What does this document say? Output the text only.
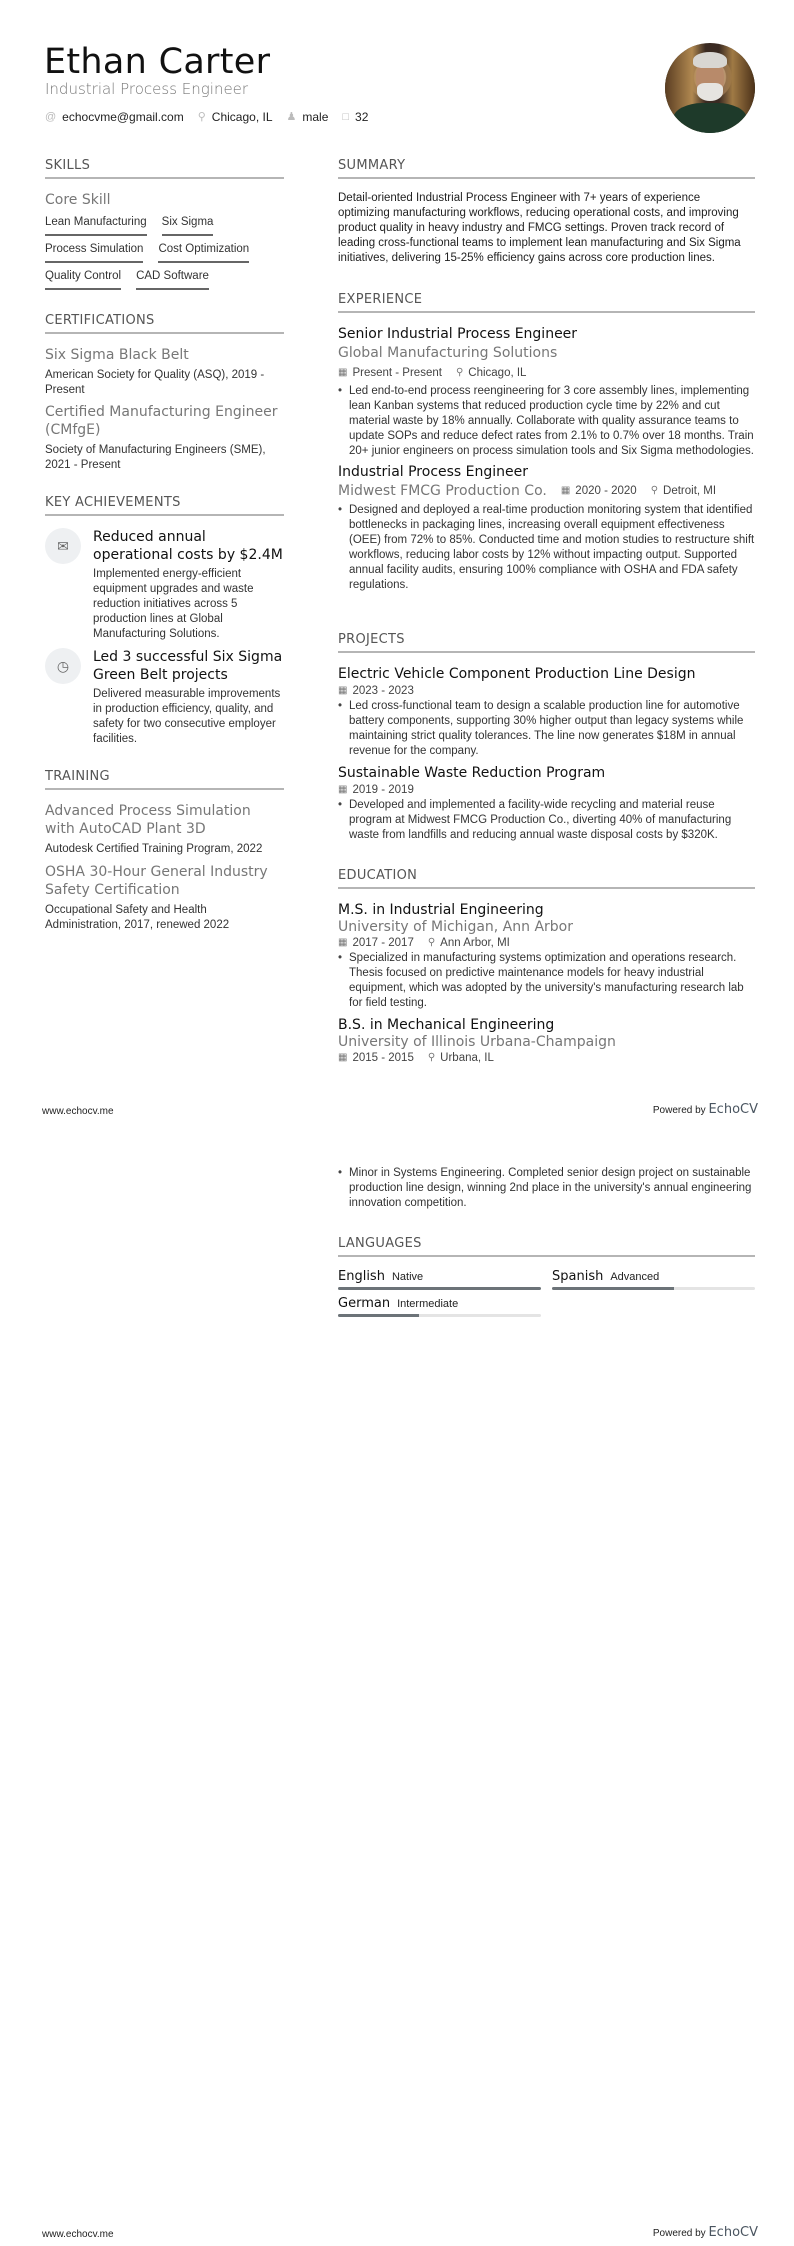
Ethan Carter
Industrial Process Engineer
@ echocvme@gmail.com ⚲ Chicago, IL ♟ male □ 32
SKILLS
Core Skill
Lean Manufacturing Six Sigma
Process Simulation Cost Optimization
Quality Control CAD Software
CERTIFICATIONS
Six Sigma Black Belt
American Society for Quality (ASQ), 2019 - Present
Certified Manufacturing Engineer (CMfgE)
Society of Manufacturing Engineers (SME), 2021 - Present
KEY ACHIEVEMENTS
✉
Reduced annual operational costs by $2.4M
Implemented energy-efficient equipment upgrades and waste reduction initiatives across 5 production lines at Global Manufacturing Solutions.
◷
Led 3 successful Six Sigma Green Belt projects
Delivered measurable improvements in production efficiency, quality, and safety for two consecutive employer facilities.
TRAINING
Advanced Process Simulation with AutoCAD Plant 3D
Autodesk Certified Training Program, 2022
OSHA 30-Hour General Industry Safety Certification
Occupational Safety and Health Administration, 2017, renewed 2022
SUMMARY
Detail-oriented Industrial Process Engineer with 7+ years of experience optimizing manufacturing workflows, reducing operational costs, and improving product quality in heavy industry and FMCG settings. Proven track record of leading cross-functional teams to implement lean manufacturing and Six Sigma initiatives, delivering 15-25% efficiency gains across core production lines.
EXPERIENCE
Senior Industrial Process Engineer
Global Manufacturing Solutions
▦ Present - Present ⚲ Chicago, IL
• Led end-to-end process reengineering for 3 core assembly lines, implementing lean Kanban systems that reduced production cycle time by 22% and cut material waste by 18% annually. Collaborate with quality assurance teams to update SOPs and reduce defect rates from 2.1% to 0.7% over 18 months. Train 20+ junior engineers on process simulation tools and Six Sigma methodologies.
Industrial Process Engineer
Midwest FMCG Production Co. ▦ 2020 - 2020 ⚲ Detroit, MI
• Designed and deployed a real-time production monitoring system that identified bottlenecks in packaging lines, increasing overall equipment effectiveness (OEE) from 72% to 85%. Conducted time and motion studies to restructure shift workflows, reducing labor costs by 12% without impacting output. Supported annual facility audits, ensuring 100% compliance with OSHA and FDA safety regulations.
PROJECTS
Electric Vehicle Component Production Line Design
▦ 2023 - 2023
• Led cross-functional team to design a scalable production line for automotive battery components, supporting 30% higher output than legacy systems while maintaining strict quality tolerances. The line now generates $18M in annual revenue for the company.
Sustainable Waste Reduction Program
▦ 2019 - 2019
• Developed and implemented a facility-wide recycling and material reuse program at Midwest FMCG Production Co., diverting 40% of manufacturing waste from landfills and reducing annual waste disposal costs by $320K.
EDUCATION
M.S. in Industrial Engineering
University of Michigan, Ann Arbor
▦ 2017 - 2017 ⚲ Ann Arbor, MI
• Specialized in manufacturing systems optimization and operations research. Thesis focused on predictive maintenance models for heavy industrial equipment, which was adopted by the university's manufacturing research lab for field testing.
B.S. in Mechanical Engineering
University of Illinois Urbana-Champaign
▦ 2015 - 2015 ⚲ Urbana, IL
www.echocv.me	Powered by EchoCV
• Minor in Systems Engineering. Completed senior design project on sustainable production line design, winning 2nd place in the university's annual engineering innovation competition.
LANGUAGES
English Native	Spanish Advanced
German Intermediate
www.echocv.me	Powered by EchoCV
